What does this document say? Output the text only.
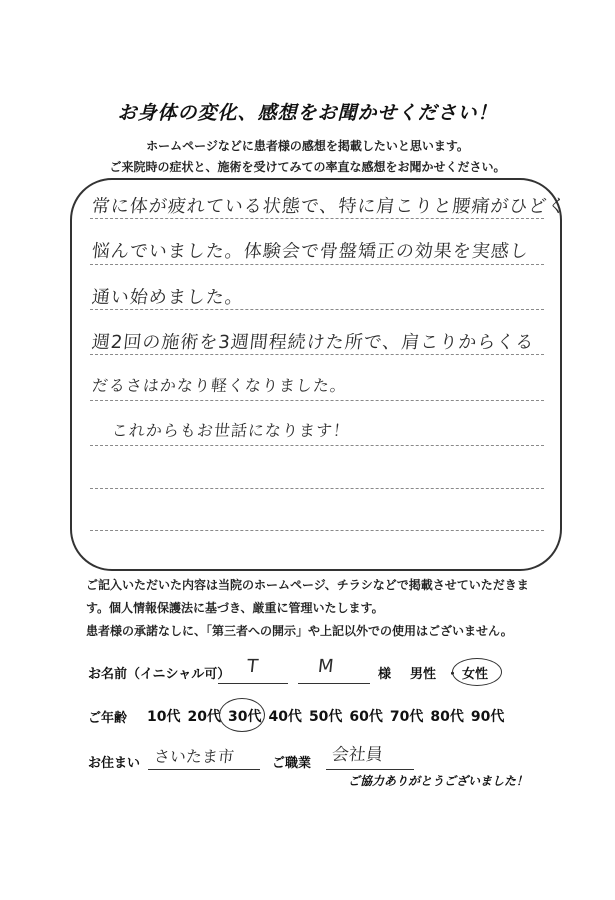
お身体の変化、感想をお聞かせください！
ホームページなどに患者様の感想を掲載したいと思います。
ご来院時の症状と、施術を受けてみての率直な感想をお聞かせください。
常に体が疲れている状態で、特に肩こりと腰痛がひどく
悩んでいました。体験会で骨盤矯正の効果を実感し
通い始めました。
週2回の施術を3週間程続けた所で、肩こりからくる
だるさはかなり軽くなりました。
これからもお世話になります！
ご記入いただいた内容は当院のホームページ、チラシなどで掲載させていただきま
す。個人情報保護法に基づき、厳重に管理いたします。
患者様の承諾なしに、「第三者への開示」や上記以外での使用はございません。
お名前（イニシャル可） T	M	様 男性 ・ 女性
ご年齢 10代 20代 30代 40代 50代 60代 70代 80代 90代
お住まい さいたま市	ご職業 会社員
ご協力ありがとうございました！
